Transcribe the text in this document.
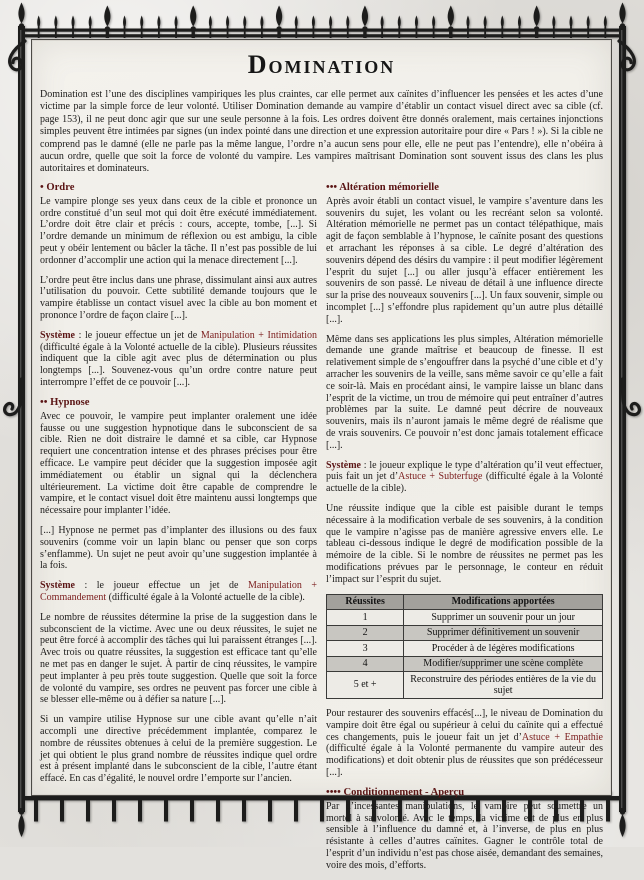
Domination

Domination est l’une des disciplines vampiriques les plus craintes, car elle permet aux caïnites d’influencer les pensées et les actes d’une victime par la simple force de leur volonté. Utiliser Domination demande au vampire d’établir un contact visuel direct avec sa cible (cf. page 153), il ne peut donc agir que sur une seule personne à la fois. Les ordres doivent être donnés oralement, mais certaines injonctions simples peuvent être intimées par signes (un index pointé dans une direction et une expression autoritaire pour dire « Pars ! »). Si la cible ne comprend pas le damné (elle ne parle pas la même langue, l’ordre n’a aucun sens pour elle, elle ne peut pas l’entendre), elle n’obéira à aucun ordre, quelle que soit la force de volonté du vampire. Les vampires maîtrisant Domination sont souvent issus des clans les plus autoritaires et dominateurs.

• Ordre

Le vampire plonge ses yeux dans ceux de la cible et prononce un ordre constitué d’un seul mot qui doit être exécuté immédiatement. L’ordre doit être clair et précis : cours, accepte, tombe, [...]. Si l’ordre demande un minimum de réflexion ou est ambigu, la cible peut y obéir lentement ou bâcler la tâche. Il n’est pas possible de lui ordonner d’accomplir une action qui la menace directement [...].

L’ordre peut être inclus dans une phrase, dissimulant ainsi aux autres l’utilisation du pouvoir. Cette subtilité demande toujours que le vampire établisse un contact visuel avec la cible au bon moment et prononce l’ordre de façon claire [...].

Système : le joueur effectue un jet de Manipulation + Intimidation (difficulté égale à la Volonté actuelle de la cible). Plusieurs réussites indiquent que la cible agit avec plus de détermination ou plus longtemps [...]. Souvenez-vous qu’un ordre contre nature peut interrompre l’effet de ce pouvoir [...].

•• Hypnose

Avec ce pouvoir, le vampire peut implanter oralement une idée fausse ou une suggestion hypnotique dans le subconscient de sa cible. Rien ne doit distraire le damné et sa cible, car Hypnose requiert une concentration intense et des phrases précises pour être efficace. Le vampire peut décider que la suggestion imposée agit immédiatement ou établir un signal qui la déclenchera ultérieurement. La victime doit être capable de comprendre le vampire, et le contact visuel doit être maintenu aussi longtemps que nécessaire pour implanter l’idée.

[...] Hypnose ne permet pas d’implanter des illusions ou des faux souvenirs (comme voir un lapin blanc ou penser que son corps s’enflamme). Un sujet ne peut avoir qu’une suggestion implantée à la fois.

Système : le joueur effectue un jet de Manipulation + Commandement (difficulté égale à la Volonté actuelle de la cible).

Le nombre de réussites détermine la prise de la suggestion dans le subconscient de la victime. Avec une ou deux réussites, le sujet ne peut être forcé à accomplir des tâches qui lui paraissent étranges [...]. Avec trois ou quatre réussites, la suggestion est efficace tant qu’elle ne met pas en danger le sujet. À partir de cinq réussites, le vampire peut implanter à peu près toute suggestion. Quelle que soit la force de volonté du vampire, ses ordres ne peuvent pas forcer une cible à se blesser elle-même ou à défier sa nature [...].

Si un vampire utilise Hypnose sur une cible avant qu’elle n’ait accompli une directive précédemment implantée, comparez le nombre de réussites obtenues à celui de la première suggestion. Le jet qui obtient le plus grand nombre de réussites indique quel ordre est à présent implanté dans le subconscient de la cible, l’autre étant effacé. En cas d’égalité, le nouvel ordre l’emporte sur l’ancien.

••• Altération mémorielle

Après avoir établi un contact visuel, le vampire s’aventure dans les souvenirs du sujet, les volant ou les recréant selon sa volonté. Altération mémorielle ne permet pas un contact télépathique, mais agit de façon semblable à l’hypnose, le caïnite posant des questions et arrachant les réponses à sa cible. Le degré d’altération des souvenirs dépend des désirs du vampire : il peut modifier légèrement l’esprit du sujet [...] ou aller jusqu’à effacer entièrement les souvenirs de son passé. Le niveau de détail à une influence directe sur la prise des nouveaux souvenirs [...]. Un faux souvenir, simple ou incomplet [...] s’effondre plus rapidement qu’un autre plus détaillé [...].

Même dans ses applications les plus simples, Altération mémorielle demande une grande maîtrise et beaucoup de finesse. Il est relativement simple de s’engouffrer dans la psyché d’une cible et d’y arracher les souvenirs de la veille, sans même savoir ce qu’elle a fait ce soir-là. Mais en procédant ainsi, le vampire laisse un blanc dans l’esprit de la victime, un trou de mémoire qui peut entraîner d’autres problèmes par la suite. Le damné peut décrire de nouveaux souvenirs, mais ils n’auront jamais le même degré de réalisme que de vrais souvenirs. Ce pouvoir n’est donc jamais totalement efficace [...].

Système : le joueur explique le type d’altération qu’il veut effectuer, puis fait un jet d’Astuce + Subterfuge (difficulté égale à la Volonté actuelle de la cible).

Une réussite indique que la cible est paisible durant le temps nécessaire à la modification verbale de ses souvenirs, à la condition que le vampire n’agisse pas de manière agressive envers elle. Le tableau ci-dessous indique le degré de modification possible de la mémoire de la cible. Si le nombre de réussites ne permet pas les modifications prévues par le personnage, le conteur en réduit l’impact sur l’esprit du sujet.

Réussites	Modifications apportées
1	Supprimer un souvenir pour un jour
2	Supprimer définitivement un souvenir
3	Procéder à de légères modifications
4	Modifier/supprimer une scène complète
5 et +	Reconstruire des périodes entières de la vie du sujet

Pour restaurer des souvenirs effacés[...], le niveau de Domination du vampire doit être égal ou supérieur à celui du caïnite qui a effectué ces changements, puis le joueur fait un jet d’Astuce + Empathie (difficulté égale à la Volonté permanente du vampire auteur des modifications) et doit obtenir plus de réussites que son prédécesseur [...].

•••• Conditionnement - Aperçu

Par d’incessantes manipulations, le vampire peut soumettre un mortel à sa volonté. Avec le temps, la victime est de plus en plus sensible à l’influence du damné et, à l’inverse, de plus en plus résistante à celles d’autres caïnites. Gagner le contrôle total de l’esprit d’un individu n’est pas chose aisée, demandant des semaines, voire des mois, d’efforts.
